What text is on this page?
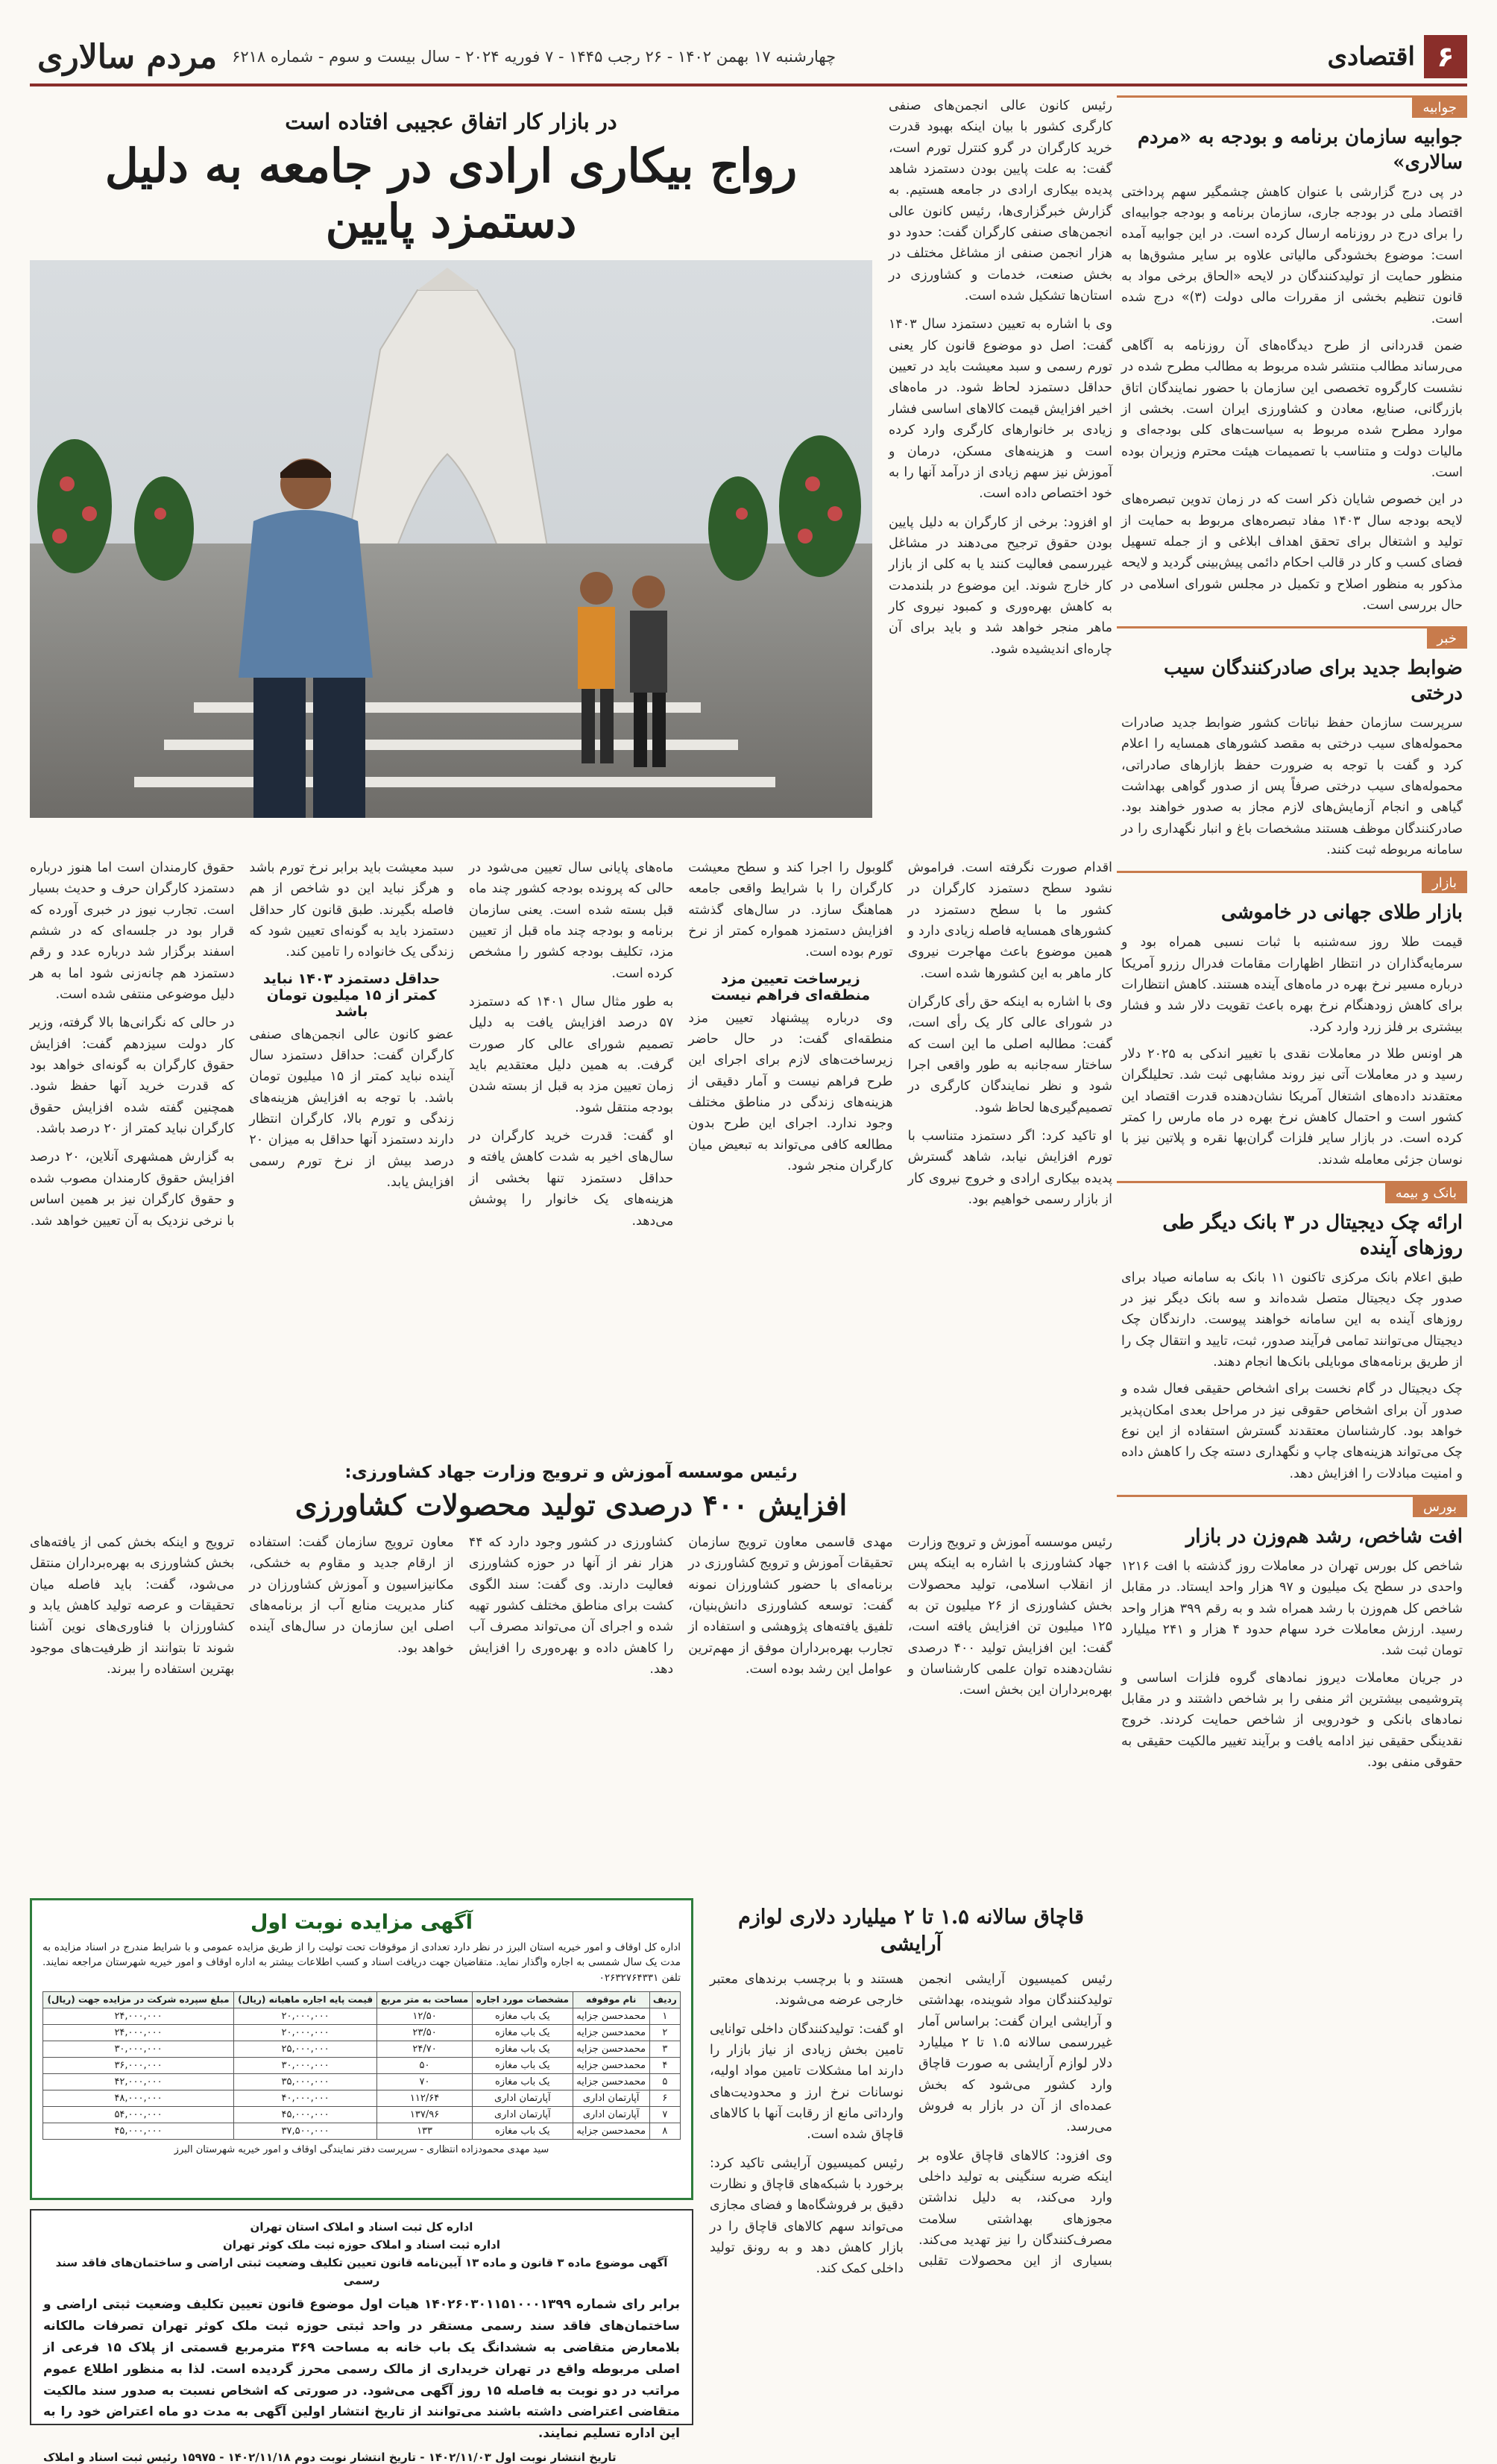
۶
اقتصادی
چهارشنبه ۱۷ بهمن ۱۴۰۲ - ۲۶ رجب ۱۴۴۵ - ۷ فوریه ۲۰۲۴ - سال بیست و سوم - شماره ۶۲۱۸
مردم سالاری
جوابیه
جوابیه سازمان برنامه و بودجه به «مردم سالاری»

در پی درج گزارشی با عنوان کاهش چشمگیر سهم پرداختی اقتصاد ملی در بودجه جاری، سازمان برنامه و بودجه جوابیه‌ای را برای درج در روزنامه ارسال کرده است. در این جوابیه آمده است: موضوع بخشودگی مالیاتی علاوه بر سایر مشوق‌ها به منظور حمایت از تولیدکنندگان در لایحه «الحاق برخی مواد به قانون تنظیم بخشی از مقررات مالی دولت (۳)» درج شده است.

ضمن قدردانی از طرح دیدگاه‌های آن روزنامه به آگاهی می‌رساند مطالب منتشر شده مربوط به مطالب مطرح شده در نشست کارگروه تخصصی این سازمان با حضور نمایندگان اتاق بازرگانی، صنایع، معادن و کشاورزی ایران است. بخشی از موارد مطرح شده مربوط به سیاست‌های کلی بودجه‌ای و مالیات دولت و متناسب با تصمیمات هیئت محترم وزیران بوده است.

در این خصوص شایان ذکر است که در زمان تدوین تبصره‌های لایحه بودجه سال ۱۴۰۳ مفاد تبصره‌های مربوط به حمایت از تولید و اشتغال برای تحقق اهداف ابلاغی و از جمله تسهیل فضای کسب و کار در قالب احکام دائمی پیش‌بینی گردید و لایحه مذکور به منظور اصلاح و تکمیل در مجلس شورای اسلامی در حال بررسی است.

خبر
ضوابط جدید برای صادرکنندگان سیب درختی

سرپرست سازمان حفظ نباتات کشور ضوابط جدید صادرات محموله‌های سیب درختی به مقصد کشورهای همسایه را اعلام کرد و گفت با توجه به ضرورت حفظ بازارهای صادراتی، محموله‌های سیب درختی صرفاً پس از صدور گواهی بهداشت گیاهی و انجام آزمایش‌های لازم مجاز به صدور خواهند بود. صادرکنندگان موظف هستند مشخصات باغ و انبار نگهداری را در سامانه مربوطه ثبت کنند.

بازار
بازار طلای جهانی در خاموشی

قیمت طلا روز سه‌شنبه با ثبات نسبی همراه بود و سرمایه‌گذاران در انتظار اظهارات مقامات فدرال رزرو آمریکا درباره مسیر نرخ بهره در ماه‌های آینده هستند. کاهش انتظارات برای کاهش زودهنگام نرخ بهره باعث تقویت دلار شد و فشار بیشتری بر فلز زرد وارد کرد.

هر اونس طلا در معاملات نقدی با تغییر اندکی به ۲۰۲۵ دلار رسید و در معاملات آتی نیز روند مشابهی ثبت شد. تحلیلگران معتقدند داده‌های اشتغال آمریکا نشان‌دهنده قدرت اقتصاد این کشور است و احتمال کاهش نرخ بهره در ماه مارس را کمتر کرده است. در بازار سایر فلزات گران‌بها نقره و پلاتین نیز با نوسان جزئی معامله شدند.

بانک و بیمه
ارائه چک دیجیتال در ۳ بانک دیگر طی روزهای آینده

طبق اعلام بانک مرکزی تاکنون ۱۱ بانک به سامانه صیاد برای صدور چک دیجیتال متصل شده‌اند و سه بانک دیگر نیز در روزهای آینده به این سامانه خواهند پیوست. دارندگان چک دیجیتال می‌توانند تمامی فرآیند صدور، ثبت، تایید و انتقال چک را از طریق برنامه‌های موبایلی بانک‌ها انجام دهند.

چک دیجیتال در گام نخست برای اشخاص حقیقی فعال شده و صدور آن برای اشخاص حقوقی نیز در مراحل بعدی امکان‌پذیر خواهد بود. کارشناسان معتقدند گسترش استفاده از این نوع چک می‌تواند هزینه‌های چاپ و نگهداری دسته چک را کاهش داده و امنیت مبادلات را افزایش دهد.

بورس
افت شاخص، رشد هم‌وزن در بازار

شاخص کل بورس تهران در معاملات روز گذشته با افت ۱۲۱۶ واحدی در سطح یک میلیون و ۹۷ هزار واحد ایستاد. در مقابل شاخص کل هم‌وزن با رشد همراه شد و به رقم ۳۹۹ هزار واحد رسید. ارزش معاملات خرد سهام حدود ۴ هزار و ۲۴۱ میلیارد تومان ثبت شد.

در جریان معاملات دیروز نمادهای گروه فلزات اساسی و پتروشیمی بیشترین اثر منفی را بر شاخص داشتند و در مقابل نمادهای بانکی و خودرویی از شاخص حمایت کردند. خروج نقدینگی حقیقی نیز ادامه یافت و برآیند تغییر مالکیت حقیقی به حقوقی منفی بود.

رئیس کانون عالی انجمن‌های صنفی کارگری کشور با بیان اینکه بهبود قدرت خرید کارگران در گرو کنترل تورم است، گفت: به علت پایین بودن دستمزد شاهد پدیده بیکاری ارادی در جامعه هستیم. به گزارش خبرگزاری‌ها، رئیس کانون عالی انجمن‌های صنفی کارگران گفت: حدود دو هزار انجمن صنفی از مشاغل مختلف در بخش صنعت، خدمات و کشاورزی در استان‌ها تشکیل شده است.

وی با اشاره به تعیین دستمزد سال ۱۴۰۳ گفت: اصل دو موضوع قانون کار یعنی تورم رسمی و سبد معیشت باید در تعیین حداقل دستمزد لحاظ شود. در ماه‌های اخیر افزایش قیمت کالاهای اساسی فشار زیادی بر خانوارهای کارگری وارد کرده است و هزینه‌های مسکن، درمان و آموزش نیز سهم زیادی از درآمد آنها را به خود اختصاص داده است.

او افزود: برخی از کارگران به دلیل پایین بودن حقوق ترجیح می‌دهند در مشاغل غیررسمی فعالیت کنند یا به کلی از بازار کار خارج شوند. این موضوع در بلندمدت به کاهش بهره‌وری و کمبود نیروی کار ماهر منجر خواهد شد و باید برای آن چاره‌ای اندیشیده شود.

در بازار کار اتفاق عجیبی افتاده است
رواج بیکاری ارادی در جامعه به دلیل دستمزد پایین

اقدام صورت نگرفته است. فراموش نشود سطح دستمزد کارگران در کشور ما با سطح دستمزد در کشورهای همسایه فاصله زیادی دارد و همین موضوع باعث مهاجرت نیروی کار ماهر به این کشورها شده است.

وی با اشاره به اینکه حق رأی کارگران در شورای عالی کار یک رأی است، گفت: مطالبه اصلی ما این است که ساختار سه‌جانبه به طور واقعی اجرا شود و نظر نمایندگان کارگری در تصمیم‌گیری‌ها لحاظ شود.

او تاکید کرد: اگر دستمزد متناسب با تورم افزایش نیابد، شاهد گسترش پدیده بیکاری ارادی و خروج نیروی کار از بازار رسمی خواهیم بود.

گلوبول را اجرا کند و سطح معیشت کارگران را با شرایط واقعی جامعه هماهنگ سازد. در سال‌های گذشته افزایش دستمزد همواره کمتر از نرخ تورم بوده است.

زیرساخت تعیین مزد منطقه‌ای فراهم نیست

وی درباره پیشنهاد تعیین مزد منطقه‌ای گفت: در حال حاضر زیرساخت‌های لازم برای اجرای این طرح فراهم نیست و آمار دقیقی از هزینه‌های زندگی در مناطق مختلف وجود ندارد. اجرای این طرح بدون مطالعه کافی می‌تواند به تبعیض میان کارگران منجر شود.

ماه‌های پایانی سال تعیین می‌شود در حالی که پرونده بودجه کشور چند ماه قبل بسته شده است. یعنی سازمان برنامه و بودجه چند ماه قبل از تعیین مزد، تکلیف بودجه کشور را مشخص کرده است.

به طور مثال سال ۱۴۰۱ که دستمزد ۵۷ درصد افزایش یافت به دلیل تصمیم شورای عالی کار صورت گرفت. به همین دلیل معتقدیم باید زمان تعیین مزد به قبل از بسته شدن بودجه منتقل شود.

او گفت: قدرت خرید کارگران در سال‌های اخیر به شدت کاهش یافته و حداقل دستمزد تنها بخشی از هزینه‌های یک خانوار را پوشش می‌دهد.

سبد معیشت باید برابر نرخ تورم باشد و هرگز نباید این دو شاخص از هم فاصله بگیرند. طبق قانون کار حداقل دستمزد باید به گونه‌ای تعیین شود که زندگی یک خانواده را تامین کند.

حداقل دستمزد ۱۴۰۳ نباید کمتر از ۱۵ میلیون تومان باشد

عضو کانون عالی انجمن‌های صنفی کارگران گفت: حداقل دستمزد سال آینده نباید کمتر از ۱۵ میلیون تومان باشد. با توجه به افزایش هزینه‌های زندگی و تورم بالا، کارگران انتظار دارند دستمزد آنها حداقل به میزان ۲۰ درصد بیش از نرخ تورم رسمی افزایش یابد.

حقوق کارمندان است اما هنوز درباره دستمزد کارگران حرف و حدیث بسیار است. تجارب نیوز در خبری آورده که قرار بود در جلسه‌ای که در ششم اسفند برگزار شد درباره عدد و رقم دستمزد هم چانه‌زنی شود اما به هر دلیل موضوعی منتفی شده است.

در حالی که نگرانی‌ها بالا گرفته، وزیر کار دولت سیزدهم گفت: افزایش حقوق کارگران به گونه‌ای خواهد بود که قدرت خرید آنها حفظ شود. همچنین گفته شده افزایش حقوق کارگران نباید کمتر از ۲۰ درصد باشد.

به گزارش همشهری آنلاین، ۲۰ درصد افزایش حقوق کارمندان مصوب شده و حقوق کارگران نیز بر همین اساس با نرخی نزدیک به آن تعیین خواهد شد.

رئیس موسسه آموزش و ترویج وزارت جهاد کشاورزی:
افزایش ۴۰۰ درصدی تولید محصولات کشاورزی

رئیس موسسه آموزش و ترویج وزارت جهاد کشاورزی با اشاره به اینکه پس از انقلاب اسلامی، تولید محصولات بخش کشاورزی از ۲۶ میلیون تن به ۱۲۵ میلیون تن افزایش یافته است، گفت: این افزایش تولید ۴۰۰ درصدی نشان‌دهنده توان علمی کارشناسان و بهره‌برداران این بخش است.

مهدی قاسمی معاون ترویج سازمان تحقیقات آموزش و ترویج کشاورزی در برنامه‌ای با حضور کشاورزان نمونه گفت: توسعه کشاورزی دانش‌بنیان، تلفیق یافته‌های پژوهشی و استفاده از تجارب بهره‌برداران موفق از مهم‌ترین عوامل این رشد بوده است.

کشاورزی در کشور وجود دارد که ۴۴ هزار نفر از آنها در حوزه کشاورزی فعالیت دارند. وی گفت: سند الگوی کشت برای مناطق مختلف کشور تهیه شده و اجرای آن می‌تواند مصرف آب را کاهش داده و بهره‌وری را افزایش دهد.

معاون ترویج سازمان گفت: استفاده از ارقام جدید و مقاوم به خشکی، مکانیزاسیون و آموزش کشاورزان در کنار مدیریت منابع آب از برنامه‌های اصلی این سازمان در سال‌های آینده خواهد بود.

ترویج و اینکه بخش کمی از یافته‌های بخش کشاورزی به بهره‌برداران منتقل می‌شود، گفت: باید فاصله میان تحقیقات و عرصه تولید کاهش یابد و کشاورزان با فناوری‌های نوین آشنا شوند تا بتوانند از ظرفیت‌های موجود بهترین استفاده را ببرند.

قاچاق سالانه ۱.۵ تا ۲ میلیارد دلاری لوازم آرایشی

رئیس کمیسیون آرایشی انجمن تولیدکنندگان مواد شوینده، بهداشتی و آرایشی ایران گفت: براساس آمار غیررسمی سالانه ۱.۵ تا ۲ میلیارد دلار لوازم آرایشی به صورت قاچاق وارد کشور می‌شود که بخش عمده‌ای از آن در بازار به فروش می‌رسد.

وی افزود: کالاهای قاچاق علاوه بر اینکه ضربه سنگینی به تولید داخلی وارد می‌کند، به دلیل نداشتن مجوزهای بهداشتی سلامت مصرف‌کنندگان را نیز تهدید می‌کند. بسیاری از این محصولات تقلبی هستند و با برچسب برندهای معتبر خارجی عرضه می‌شوند.

او گفت: تولیدکنندگان داخلی توانایی تامین بخش زیادی از نیاز بازار را دارند اما مشکلات تامین مواد اولیه، نوسانات نرخ ارز و محدودیت‌های وارداتی مانع از رقابت آنها با کالاهای قاچاق شده است.

رئیس کمیسیون آرایشی تاکید کرد: برخورد با شبکه‌های قاچاق و نظارت دقیق بر فروشگاه‌ها و فضای مجازی می‌تواند سهم کالاهای قاچاق را در بازار کاهش دهد و به رونق تولید داخلی کمک کند.

آگهی مزایده نوبت اول
اداره کل اوقاف و امور خیریه استان البرز در نظر دارد تعدادی از موقوفات تحت تولیت را از طریق مزایده عمومی و با شرایط مندرج در اسناد مزایده به مدت یک سال شمسی به اجاره واگذار نماید. متقاضیان جهت دریافت اسناد و کسب اطلاعات بیشتر به اداره اوقاف و امور خیریه شهرستان مراجعه نمایند. تلفن ۰۲۶۳۲۷۶۴۳۳۱
ردیف	نام موقوفه	مشخصات مورد اجاره	مساحت به متر مربع	قیمت پایه اجاره ماهیانه (ریال)	مبلغ سپرده شرکت در مزایده جهت (ریال)
۱	محمدحسن جزایه	یک باب مغازه	۱۲/۵۰	۲۰,۰۰۰,۰۰۰	۲۴,۰۰۰,۰۰۰
۲	محمدحسن جزایه	یک باب مغازه	۲۳/۵۰	۲۰,۰۰۰,۰۰۰	۲۴,۰۰۰,۰۰۰
۳	محمدحسن جزایه	یک باب مغازه	۲۴/۷۰	۲۵,۰۰۰,۰۰۰	۳۰,۰۰۰,۰۰۰
۴	محمدحسن جزایه	یک باب مغازه	۵۰	۳۰,۰۰۰,۰۰۰	۳۶,۰۰۰,۰۰۰
۵	محمدحسن جزایه	یک باب مغازه	۷۰	۳۵,۰۰۰,۰۰۰	۴۲,۰۰۰,۰۰۰
۶	آپارتمان اداری	آپارتمان اداری	۱۱۲/۶۴	۴۰,۰۰۰,۰۰۰	۴۸,۰۰۰,۰۰۰
۷	آپارتمان اداری	آپارتمان اداری	۱۳۷/۹۶	۴۵,۰۰۰,۰۰۰	۵۴,۰۰۰,۰۰۰
۸	محمدحسن جزایه	یک باب مغازه	۱۳۳	۳۷,۵۰۰,۰۰۰	۴۵,۰۰۰,۰۰۰
سید مهدی محمودزاده انتظاری - سرپرست دفتر نمایندگی اوقاف و امور خیریه شهرستان البرز
اداره کل ثبت اسناد و املاک استان تهران
اداره ثبت اسناد و املاک حوزه ثبت ملک کوثر تهران
آگهی موضوع ماده ۳ قانون و ماده ۱۳ آیین‌نامه قانون تعیین تکلیف وضعیت ثبتی اراضی و ساختمان‌های فاقد سند رسمی
برابر رای شماره ۱۴۰۲۶۰۳۰۱۱۵۱۰۰۰۱۳۹۹ هیات اول موضوع قانون تعیین تکلیف وضعیت ثبتی اراضی و ساختمان‌های فاقد سند رسمی مستقر در واحد ثبتی حوزه ثبت ملک کوثر تهران تصرفات مالکانه بلامعارض متقاضی به ششدانگ یک باب خانه به مساحت ۳۶۹ مترمربع قسمتی از پلاک ۱۵ فرعی از اصلی مربوطه واقع در تهران خریداری از مالک رسمی محرز گردیده است. لذا به منظور اطلاع عموم مراتب در دو نوبت به فاصله ۱۵ روز آگهی می‌شود. در صورتی که اشخاص نسبت به صدور سند مالکیت متقاضی اعتراضی داشته باشند می‌توانند از تاریخ انتشار اولین آگهی به مدت دو ماه اعتراض خود را به این اداره تسلیم نمایند.
تاریخ انتشار نوبت اول ۱۴۰۲/۱۱/۰۳ - تاریخ انتشار نوبت دوم ۱۴۰۲/۱۱/۱۸ - ۱۵۹۷۵ رئیس ثبت اسناد و املاک
